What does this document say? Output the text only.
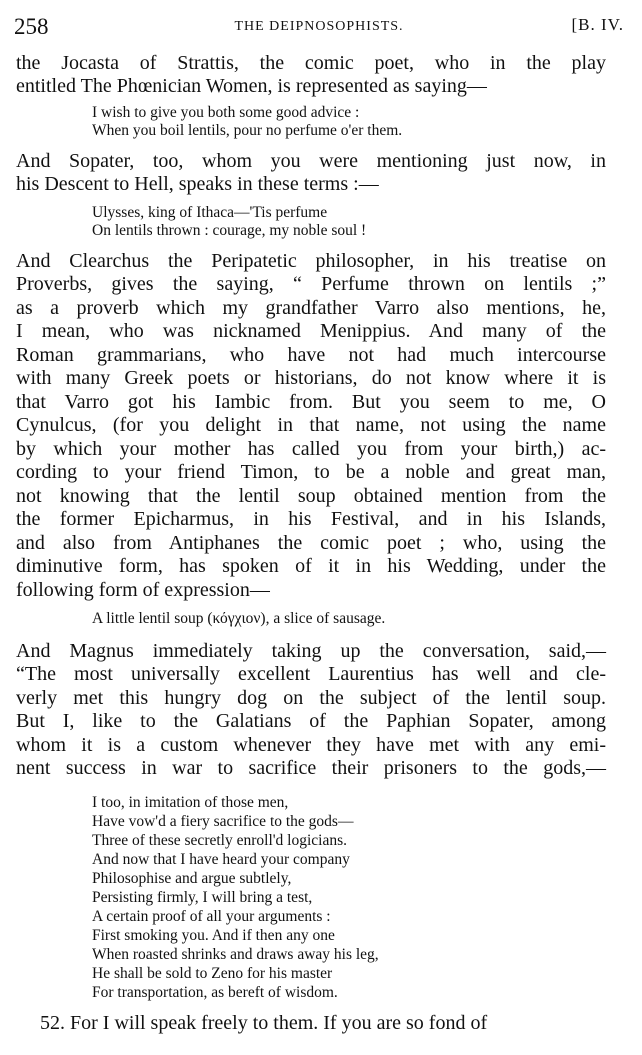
258	THE DEIPNOSOPHISTS.	[B. IV.
the Jocasta of Strattis, the comic poet, who in the play
entitled The Phœnician Women, is represented as saying—
I wish to give you both some good advice :
When you boil lentils, pour no perfume o'er them.
And Sopater, too, whom you were mentioning just now, in
his Descent to Hell, speaks in these terms :—
Ulysses, king of Ithaca—'Tis perfume
On lentils thrown : courage, my noble soul !
And Clearchus the Peripatetic philosopher, in his treatise on
Proverbs, gives the saying, “ Perfume thrown on lentils ;”
as a proverb which my grandfather Varro also mentions, he,
I mean, who was nicknamed Menippius. And many of the
Roman grammarians, who have not had much intercourse
with many Greek poets or historians, do not know where it is
that Varro got his Iambic from. But you seem to me, O
Cynulcus, (for you delight in that name, not using the name
by which your mother has called you from your birth,) ac-
cording to your friend Timon, to be a noble and great man,
not knowing that the lentil soup obtained mention from the
the former Epicharmus, in his Festival, and in his Islands,
and also from Antiphanes the comic poet ; who, using the
diminutive form, has spoken of it in his Wedding, under the
following form of expression—
A little lentil soup (κόγχιον), a slice of sausage.
And Magnus immediately taking up the conversation, said,—
“The most universally excellent Laurentius has well and cle-
verly met this hungry dog on the subject of the lentil soup.
But I, like to the Galatians of the Paphian Sopater, among
whom it is a custom whenever they have met with any emi-
nent success in war to sacrifice their prisoners to the gods,—
I too, in imitation of those men,
Have vow'd a fiery sacrifice to the gods—
Three of these secretly enroll'd logicians.
And now that I have heard your company
Philosophise and argue subtlely,
Persisting firmly, I will bring a test,
A certain proof of all your arguments :
First smoking you. And if then any one
When roasted shrinks and draws away his leg,
He shall be sold to Zeno for his master
For transportation, as bereft of wisdom.
52. For I will speak freely to them. If you are so fond of
